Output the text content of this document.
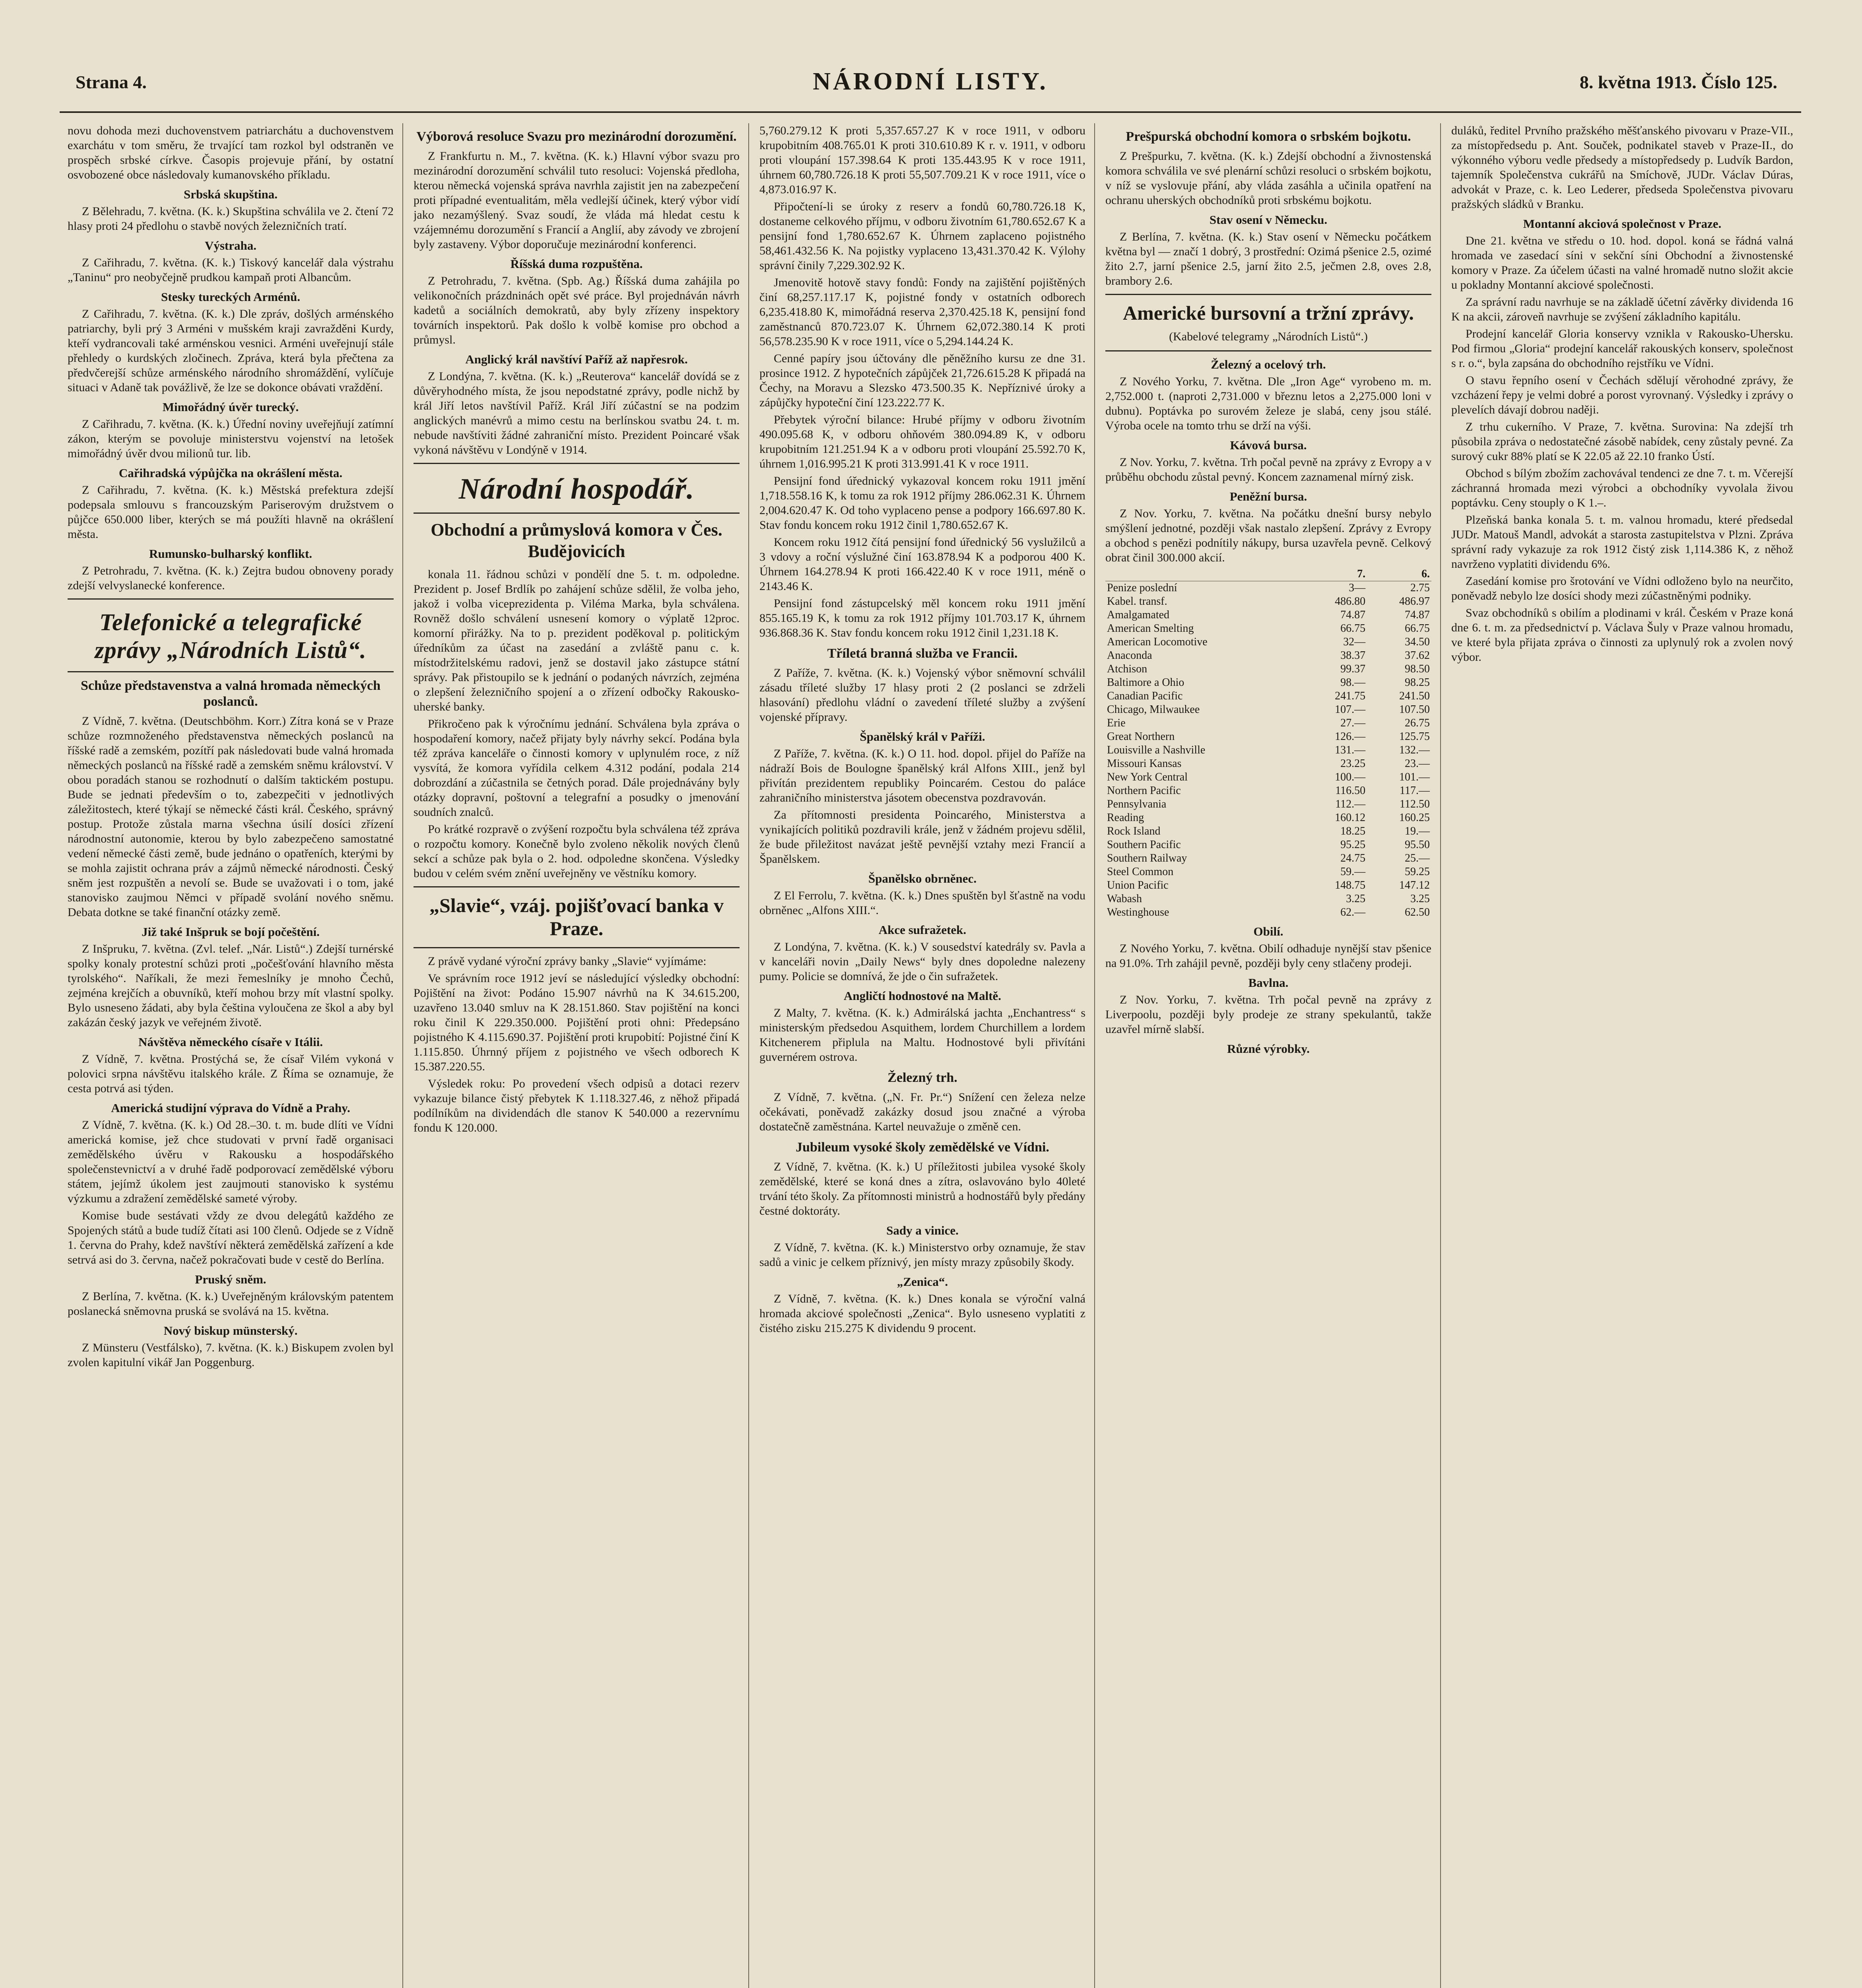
Strana 4.	NÁRODNÍ LISTY.	8. května 1913. Číslo 125.

novu dohoda mezi duchovenstvem patriarchátu a duchovenstvem exarchátu v tom směru, že trvající tam rozkol byl odstraněn ve prospěch srbské církve. Časopis projevuje přání, by ostatní osvobozené obce následovaly kumanovského příkladu.

Srbská skupština.

Z Bělehradu, 7. května. (K. k.) Skupština schválila ve 2. čtení 72 hlasy proti 24 předlohu o stavbě nových železničních tratí.

Výstraha.

Z Cařihradu, 7. května. (K. k.) Tiskový kancelář dala výstrahu „Taninu“ pro neobyčejně prudkou kampaň proti Albancům.

Stesky tureckých Arménů.

Z Cařihradu, 7. května. (K. k.) Dle zpráv, došlých arménského patriarchy, byli prý 3 Arméni v mušském kraji zavražděni Kurdy, kteří vydrancovali také arménskou vesnici. Arméni uveřejnují stále přehledy o kurdských zločinech. Zpráva, která byla přečtena za předvčerejší schůze arménského národního shromáždění, vylíčuje situaci v Adaně tak povážlivě, že lze se dokonce obávati vraždění.

Mimořádný úvěr turecký.

Z Cařihradu, 7. května. (K. k.) Úřední noviny uveřejňují zatímní zákon, kterým se povoluje ministerstvu vojenství na letošek mimořádný úvěr dvou milionů tur. lib.

Cařihradská výpůjčka na okrášlení města.

Z Cařihradu, 7. května. (K. k.) Městská prefektura zdejší podepsala smlouvu s francouzským Pariserovým družstvem o půjčce 650.000 liber, kterých se má použíti hlavně na okrášlení města.

Rumunsko-bulharský konflikt.

Z Petrohradu, 7. května. (K. k.) Zejtra budou obnoveny porady zdejší velvyslanecké konference.

Telefonické a telegrafické zprávy „Národních Listů“.
Schůze představenstva a valná hromada německých poslanců.

Z Vídně, 7. května. (Deutschböhm. Korr.) Zítra koná se v Praze schůze rozmnoženého představenstva německých poslanců na říšské radě a zemském, pozítří pak následovati bude valná hromada německých poslanců na říšské radě a zemském sněmu království. V obou poradách stanou se rozhodnutí o dalším taktickém postupu. Bude se jednati především o to, zabezpečiti v jednotlivých záležitostech, které týkají se německé části král. Českého, správný postup. Protože zůstala marna všechna úsilí dosíci zřízení národnostní autonomie, kterou by bylo zabezpečeno samostatné vedení německé části země, bude jednáno o opatřeních, kterými by se mohla zajistit ochrana práv a zájmů německé národnosti. Český sněm jest rozpuštěn a nevolí se. Bude se uvažovati i o tom, jaké stanovisko zaujmou Němci v případě svolání nového sněmu. Debata dotkne se také finanční otázky země.

Již také Inšpruk se bojí počeštění.

Z Inšpruku, 7. května. (Zvl. telef. „Nár. Listů“.) Zdejší turnérské spolky konaly protestní schůzi proti „počešťování hlavního města tyrolského“. Naříkali, že mezi řemeslníky je mnoho Čechů, zejména krejčích a obuvníků, kteří mohou brzy mít vlastní spolky. Bylo usneseno žádati, aby byla čeština vyloučena ze škol a aby byl zakázán český jazyk ve veřejném životě.

Návštěva německého císaře v Itálii.

Z Vídně, 7. května. Prostýchá se, že císař Vilém vykoná v polovici srpna návštěvu italského krále. Z Říma se oznamuje, že cesta potrvá asi týden.

Americká studijní výprava do Vídně a Prahy.

Z Vídně, 7. května. (K. k.) Od 28.–30. t. m. bude dlíti ve Vídni americká komise, jež chce studovati v první řadě organisaci zemědělského úvěru v Rakousku a hospodářského společenstevnictví a v druhé řadě podporovací zemědělské výboru státem, jejímž úkolem jest zaujmouti stanovisko k systému výzkumu a zdražení zemědělské sameté výroby.

Komise bude sestávati vždy ze dvou delegátů každého ze Spojených států a bude tudíž čítati asi 100 členů. Odjede se z Vídně 1. června do Prahy, kdež navštíví některá zemědělská zařízení a kde setrvá asi do 3. června, načež pokračovati bude v cestě do Berlína.

Pruský sněm.

Z Berlína, 7. května. (K. k.) Uveřejněným královským patentem poslanecká sněmovna pruská se svolává na 15. května.

Nový biskup münsterský.

Z Münsteru (Vestfálsko), 7. května. (K. k.) Biskupem zvolen byl zvolen kapitulní vikář Jan Poggenburg.

Výborová resoluce Svazu pro mezinárodní dorozumění.

Z Frankfurtu n. M., 7. května. (K. k.) Hlavní výbor svazu pro mezinárodní dorozumění schválil tuto resoluci: Vojenská předloha, kterou německá vojenská správa navrhla zajistit jen na zabezpečení proti případné eventualitám, měla vedlejší účinek, který výbor vidí jako nezamýšlený. Svaz soudí, že vláda má hledat cestu k vzájemnému dorozumění s Francií a Anglií, aby závody ve zbrojení byly zastaveny. Výbor doporučuje mezinárodní konferenci.

Říšská duma rozpuštěna.

Z Petrohradu, 7. května. (Spb. Ag.) Říšská duma zahájila po velikonočních prázdninách opět své práce. Byl projednáván návrh kadetů a sociálních demokratů, aby byly zřízeny inspektory továrních inspektorů. Pak došlo k volbě komise pro obchod a průmysl.

Anglický král navštíví Paříž až napřesrok.

Z Londýna, 7. května. (K. k.) „Reuterova“ kancelář dovídá se z důvěryhodného místa, že jsou nepodstatné zprávy, podle nichž by král Jiří letos navštívil Paříž. Král Jiří zúčastní se na podzim anglických manévrů a mimo cestu na berlínskou svatbu 24. t. m. nebude navštíviti žádné zahraniční místo. Prezident Poincaré však vykoná návštěvu v Londýně v 1914.

Národní hospodář.
Obchodní a průmyslová komora v Čes. Budějovicích

konala 11. řádnou schůzi v pondělí dne 5. t. m. odpoledne. Prezident p. Josef Brdlík po zahájení schůze sdělil, že volba jeho, jakož i volba viceprezidenta p. Viléma Marka, byla schválena. Rovněž došlo schválení usnesení komory o výplatě 12proc. komorní přirážky. Na to p. prezident poděkoval p. politickým úředníkům za účast na zasedání a zvláště panu c. k. místodržitelskému radovi, jenž se dostavil jako zástupce státní správy. Pak přistoupilo se k jednání o podaných návrzích, zejména o zlepšení železničního spojení a o zřízení odbočky Rakousko-uherské banky.

Přikročeno pak k výročnímu jednání. Schválena byla zpráva o hospodaření komory, načež přijaty byly návrhy sekcí. Podána byla též zpráva kanceláře o činnosti komory v uplynulém roce, z níž vysvítá, že komora vyřídila celkem 4.312 podání, podala 214 dobrozdání a zúčastnila se četných porad. Dále projednávány byly otázky dopravní, poštovní a telegrafní a posudky o jmenování soudních znalců.

Po krátké rozpravě o zvýšení rozpočtu byla schválena též zpráva o rozpočtu komory. Konečně bylo zvoleno několik nových členů sekcí a schůze pak byla o 2. hod. odpoledne skončena. Výsledky budou v celém svém znění uveřejněny ve věstníku komory.

„Slavie“, vzáj. pojišťovací banka v Praze.

Z právě vydané výroční zprávy banky „Slavie“ vyjímáme:

Ve správním roce 1912 jeví se následující výsledky obchodní: Pojištění na život: Podáno 15.907 návrhů na K 34.615.200, uzavřeno 13.040 smluv na K 28.151.860. Stav pojištění na konci roku činil K 229.350.000. Pojištění proti ohni: Předepsáno pojistného K 4.115.690.37. Pojištění proti krupobití: Pojistné činí K 1.115.850. Úhrnný příjem z pojistného ve všech odborech K 15.387.220.55.

Výsledek roku: Po provedení všech odpisů a dotaci rezerv vykazuje bilance čistý přebytek K 1.118.327.46, z něhož připadá podílníkům na dividendách dle stanov K 540.000 a rezervnímu fondu K 120.000.

5,760.279.12 K proti 5,357.657.27 K v roce 1911, v odboru krupobitním 408.765.01 K proti 310.610.89 K r. v. 1911, v odboru proti vloupání 157.398.64 K proti 135.443.95 K v roce 1911, úhrnem 60,780.726.18 K proti 55,507.709.21 K v roce 1911, více o 4,873.016.97 K.

Připočtení-li se úroky z reserv a fondů 60,780.726.18 K, dostaneme celkového příjmu, v odboru životním 61,780.652.67 K a pensijní fond 1,780.652.67 K. Úhrnem zaplaceno pojistného 58,461.432.56 K. Na pojistky vyplaceno 13,431.370.42 K. Výlohy správní činily 7,229.302.92 K.

Jmenovitě hotově stavy fondů: Fondy na zajištění pojištěných činí 68,257.117.17 K, pojistné fondy v ostatních odborech 6,235.418.80 K, mimořádná reserva 2,370.425.18 K, pensijní fond zaměstnanců 870.723.07 K. Úhrnem 62,072.380.14 K proti 56,578.235.90 K v roce 1911, více o 5,294.144.24 K.

Cenné papíry jsou účtovány dle pěněžního kursu ze dne 31. prosince 1912. Z hypotečních zápůjček 21,726.615.28 K připadá na Čechy, na Moravu a Slezsko 473.500.35 K. Nepříznivé úroky a zápůjčky hypoteční činí 123.222.77 K.

Přebytek výroční bilance: Hrubé příjmy v odboru životním 490.095.68 K, v odboru ohňovém 380.094.89 K, v odboru krupobitním 121.251.94 K a v odboru proti vloupání 25.592.70 K, úhrnem 1,016.995.21 K proti 313.991.41 K v roce 1911.

Pensijní fond úřednický vykazoval koncem roku 1911 jmění 1,718.558.16 K, k tomu za rok 1912 příjmy 286.062.31 K. Úhrnem 2,004.620.47 K. Od toho vyplaceno pense a podpory 166.697.80 K. Stav fondu koncem roku 1912 činil 1,780.652.67 K.

Koncem roku 1912 čítá pensijní fond úřednický 56 vyslužilců a 3 vdovy a roční výslužné činí 163.878.94 K a podporou 400 K. Úhrnem 164.278.94 K proti 166.422.40 K v roce 1911, méně o 2143.46 K.

Pensijní fond zástupcelský měl koncem roku 1911 jmění 855.165.19 K, k tomu za rok 1912 příjmy 101.703.17 K, úhrnem 936.868.36 K. Stav fondu koncem roku 1912 činil 1,231.18 K.

Tříletá branná služba ve Francii.

Z Paříže, 7. května. (K. k.) Vojenský výbor sněmovní schválil zásadu tříleté služby 17 hlasy proti 2 (2 poslanci se zdrželi hlasování) předlohu vládní o zavedení tříleté služby a zvýšení vojenské přípravy.

Španělský král v Paříži.

Z Paříže, 7. května. (K. k.) O 11. hod. dopol. přijel do Paříže na nádraží Bois de Boulogne španělský král Alfons XIII., jenž byl přivítán prezidentem republiky Poincarém. Cestou do paláce zahraničního ministerstva jásotem obecenstva pozdravován.

Za přítomnosti presidenta Poincarého, Ministerstva a vynikajících politiků pozdravili krále, jenž v žádném projevu sdělil, že bude přiležitost navázat ještě pevnější vztahy mezi Francií a Španělskem.

Španělsko obrněnec.

Z El Ferrolu, 7. května. (K. k.) Dnes spuštěn byl šťastně na vodu obrněnec „Alfons XIII.“.

Akce sufražetek.

Z Londýna, 7. května. (K. k.) V sousedství katedrály sv. Pavla a v kanceláři novin „Daily News“ byly dnes dopoledne nalezeny pumy. Policie se domnívá, že jde o čin sufražetek.

Angličtí hodnostové na Maltě.

Z Malty, 7. května. (K. k.) Admirálská jachta „Enchantress“ s ministerským předsedou Asquithem, lordem Churchillem a lordem Kitchenerem připlula na Maltu. Hodnostové byli přivítáni guvernérem ostrova.

Železný trh.

Z Vídně, 7. května. („N. Fr. Pr.“) Snížení cen železa nelze očekávati, poněvadž zakázky dosud jsou značné a výroba dostatečně zaměstnána. Kartel neuvažuje o změně cen.

Jubileum vysoké školy zemědělské ve Vídni.

Z Vídně, 7. května. (K. k.) U příležitosti jubilea vysoké školy zemědělské, které se koná dnes a zítra, oslavováno bylo 40leté trvání této školy. Za přítomnosti ministrů a hodnostářů byly předány čestné doktoráty.

Sady a vinice.

Z Vídně, 7. května. (K. k.) Ministerstvo orby oznamuje, že stav sadů a vinic je celkem příznivý, jen místy mrazy způsobily škody.

„Zenica“.

Z Vídně, 7. května. (K. k.) Dnes konala se výroční valná hromada akciové společnosti „Zenica“. Bylo usneseno vyplatiti z čistého zisku 215.275 K dividendu 9 procent.

Prešpurská obchodní komora o srbském bojkotu.

Z Prešpurku, 7. května. (K. k.) Zdejší obchodní a živnostenská komora schválila ve své plenární schůzi resoluci o srbském bojkotu, v níž se vyslovuje přání, aby vláda zasáhla a učinila opatření na ochranu uherských obchodníků proti srbskému bojkotu.

Stav osení v Německu.

Z Berlína, 7. května. (K. k.) Stav osení v Německu počátkem května byl — značí 1 dobrý, 3 prostřední: Ozimá pšenice 2.5, ozimé žito 2.7, jarní pšenice 2.5, jarní žito 2.5, ječmen 2.8, oves 2.8, brambory 2.6.

Americké bursovní a tržní zprávy.
(Kabelové telegramy „Národních Listů“.)
Železný a ocelový trh.

Z Nového Yorku, 7. května. Dle „Iron Age“ vyrobeno m. m. 2,752.000 t. (naproti 2,731.000 v březnu letos a 2,275.000 loni v dubnu). Poptávka po surovém železe je slabá, ceny jsou stálé. Výroba ocele na tomto trhu se drží na výši.

Kávová bursa.

Z Nov. Yorku, 7. května. Trh počal pevně na zprávy z Evropy a v průběhu obchodu zůstal pevný. Koncem zaznamenal mírný zisk.

Peněžní bursa.

Z Nov. Yorku, 7. května. Na počátku dnešní bursy nebylo smýšlení jednotné, později však nastalo zlepšení. Zprávy z Evropy a obchod s penězi podnítily nákupy, bursa uzavřela pevně. Celkový obrat činil 300.000 akcií.

	7.	6.
Penize poslední	3—	2.75
Kabel. transf.	486.80	486.97
Amalgamated	74.87	74.87
American Smelting	66.75	66.75
American Locomotive	32—	34.50
Anaconda	38.37	37.62
Atchison	99.37	98.50
Baltimore a Ohio	98.—	98.25
Canadian Pacific	241.75	241.50
Chicago, Milwaukee	107.—	107.50
Erie	27.—	26.75
Great Northern	126.—	125.75
Louisville a Nashville	131.—	132.—
Missouri Kansas	23.25	23.—
New York Central	100.—	101.—
Northern Pacific	116.50	117.—
Pennsylvania	112.—	112.50
Reading	160.12	160.25
Rock Island	18.25	19.—
Southern Pacific	95.25	95.50
Southern Railway	24.75	25.—
Steel Common	59.—	59.25
Union Pacific	148.75	147.12
Wabash	3.25	3.25
Westinghouse	62.—	62.50
Obilí.

Z Nového Yorku, 7. května. Obilí odhaduje nynější stav pšenice na 91.0%. Trh zahájil pevně, později byly ceny stlačeny prodeji.

Bavlna.

Z Nov. Yorku, 7. května. Trh počal pevně na zprávy z Liverpoolu, později byly prodeje ze strany spekulantů, takže uzavřel mírně slabší.

Různé výrobky.

duláků, ředitel Prvního pražského měšťanského pivovaru v Praze-VII., za místopředsedu p. Ant. Souček, podnikatel staveb v Praze-II., do výkonného výboru vedle předsedy a místopředsedy p. Ludvík Bardon, tajemník Společenstva cukrářů na Smíchově, JUDr. Václav Dúras, advokát v Praze, c. k. Leo Lederer, předseda Společenstva pivovaru pražských sládků v Branku.

Montanní akciová společnost v Praze.

Dne 21. května ve středu o 10. hod. dopol. koná se řádná valná hromada ve zasedací síni v sekční síni Obchodní a živnostenské komory v Praze. Za účelem účasti na valné hromadě nutno složit akcie u pokladny Montanní akciové společnosti.

Za správní radu navrhuje se na základě účetní závěrky dividenda 16 K na akcii, zároveň navrhuje se zvýšení základního kapitálu.

Prodejní kancelář Gloria konservy vznikla v Rakousko-Uhersku. Pod firmou „Gloria“ prodejní kancelář rakouských konserv, společnost s r. o.“, byla zapsána do obchodního rejstříku ve Vídni.

O stavu řepního osení v Čechách sdělují věrohodné zprávy, že vzcházení řepy je velmi dobré a porost vyrovnaný. Výsledky i zprávy o plevelích dávají dobrou naději.

Z trhu cukerního. V Praze, 7. května. Surovina: Na zdejší trh působila zpráva o nedostatečné zásobě nabídek, ceny zůstaly pevné. Za surový cukr 88% platí se K 22.05 až 22.10 franko Ústí.

Obchod s bílým zbožím zachovával tendenci ze dne 7. t. m. Včerejší záchranná hromada mezi výrobci a obchodníky vyvolala živou poptávku. Ceny stouply o K 1.–.

Plzeňská banka konala 5. t. m. valnou hromadu, které předsedal JUDr. Matouš Mandl, advokát a starosta zastupitelstva v Plzni. Zpráva správní rady vykazuje za rok 1912 čistý zisk 1,114.386 K, z něhož navrženo vyplatiti dividendu 6%.

Zasedání komise pro šrotování ve Vídni odloženo bylo na neurčito, poněvadž nebylo lze dosíci shody mezi zúčastněnými podniky.

Svaz obchodníků s obilím a plodinami v král. Českém v Praze koná dne 6. t. m. za předsednictví p. Václava Šuly v Praze valnou hromadu, ve které byla přijata zpráva o činnosti za uplynulý rok a zvolen nový výbor.
